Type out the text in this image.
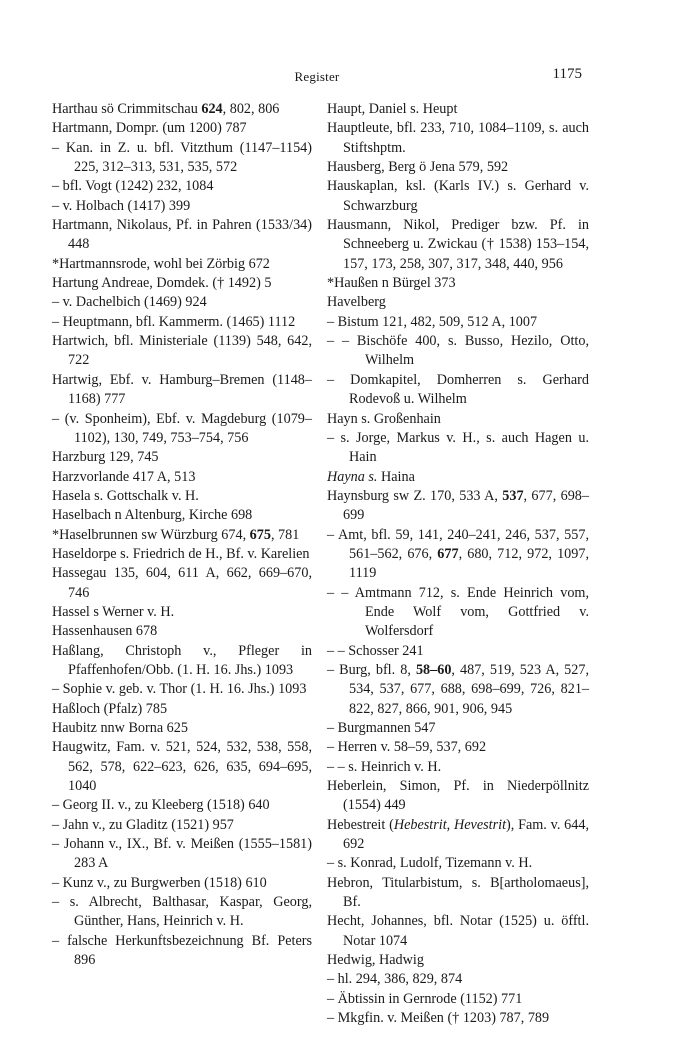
Register	1175
Harthau sö Crimmitschau 624, 802, 806
Hartmann, Dompr. (um 1200) 787
– Kan. in Z. u. bfl. Vitzthum (1147–1154) 225, 312–313, 531, 535, 572
– bfl. Vogt (1242) 232, 1084
– v. Holbach (1417) 399
Hartmann, Nikolaus, Pf. in Pahren (1533/34) 448
*Hartmannsrode, wohl bei Zörbig 672
Hartung Andreae, Domdek. († 1492) 5
– v. Dachelbich (1469) 924
– Heuptmann, bfl. Kammerm. (1465) 1112
Hartwich, bfl. Ministeriale (1139) 548, 642, 722
Hartwig, Ebf. v. Hamburg–Bremen (1148–1168) 777
– (v. Sponheim), Ebf. v. Magdeburg (1079–1102), 130, 749, 753–754, 756
Harzburg 129, 745
Harzvorlande 417 A, 513
Hasela s. Gottschalk v. H.
Haselbach n Altenburg, Kirche 698
*Haselbrunnen sw Würzburg 674, 675, 781
Haseldorpe s. Friedrich de H., Bf. v. Karelien
Hassegau 135, 604, 611 A, 662, 669–670, 746
Hassel s Werner v. H.
Hassenhausen 678
Haßlang, Christoph v., Pfleger in Pfaffenhofen/Obb. (1. H. 16. Jhs.) 1093
– Sophie v. geb. v. Thor (1. H. 16. Jhs.) 1093
Haßloch (Pfalz) 785
Haubitz nnw Borna 625
Haugwitz, Fam. v. 521, 524, 532, 538, 558, 562, 578, 622–623, 626, 635, 694–695, 1040
– Georg II. v., zu Kleeberg (1518) 640
– Jahn v., zu Gladitz (1521) 957
– Johann v., IX., Bf. v. Meißen (1555–1581) 283 A
– Kunz v., zu Burgwerben (1518) 610
– s. Albrecht, Balthasar, Kaspar, Georg, Günther, Hans, Heinrich v. H.
– falsche Herkunftsbezeichnung Bf. Peters 896
Haupt, Daniel s. Heupt
Hauptleute, bfl. 233, 710, 1084–1109, s. auch Stiftshptm.
Hausberg, Berg ö Jena 579, 592
Hauskaplan, ksl. (Karls IV.) s. Gerhard v. Schwarzburg
Hausmann, Nikol, Prediger bzw. Pf. in Schneeberg u. Zwickau († 1538) 153–154, 157, 173, 258, 307, 317, 348, 440, 956
*Haußen n Bürgel 373
Havelberg
– Bistum 121, 482, 509, 512 A, 1007
– – Bischöfe 400, s. Busso, Hezilo, Otto, Wilhelm
– Domkapitel, Domherren s. Gerhard Rodevoß u. Wilhelm
Hayn s. Großenhain
– s. Jorge, Markus v. H., s. auch Hagen u. Hain
Hayna s. Haina
Haynsburg sw Z. 170, 533 A, 537, 677, 698–699
– Amt, bfl. 59, 141, 240–241, 246, 537, 557, 561–562, 676, 677, 680, 712, 972, 1097, 1119
– – Amtmann 712, s. Ende Heinrich vom, Ende Wolf vom, Gottfried v. Wolfersdorf
– – Schosser 241
– Burg, bfl. 8, 58–60, 487, 519, 523 A, 527, 534, 537, 677, 688, 698–699, 726, 821–822, 827, 866, 901, 906, 945
– Burgmannen 547
– Herren v. 58–59, 537, 692
– – s. Heinrich v. H.
Heberlein, Simon, Pf. in Niederpöllnitz (1554) 449
Hebestreit (Hebestrit, Hevestrit), Fam. v. 644, 692
– s. Konrad, Ludolf, Tizemann v. H.
Hebron, Titularbistum, s. B[artholomaeus], Bf.
Hecht, Johannes, bfl. Notar (1525) u. öfftl. Notar 1074
Hedwig, Hadwig
– hl. 294, 386, 829, 874
– Äbtissin in Gernrode (1152) 771
– Mkgfin. v. Meißen († 1203) 787, 789
